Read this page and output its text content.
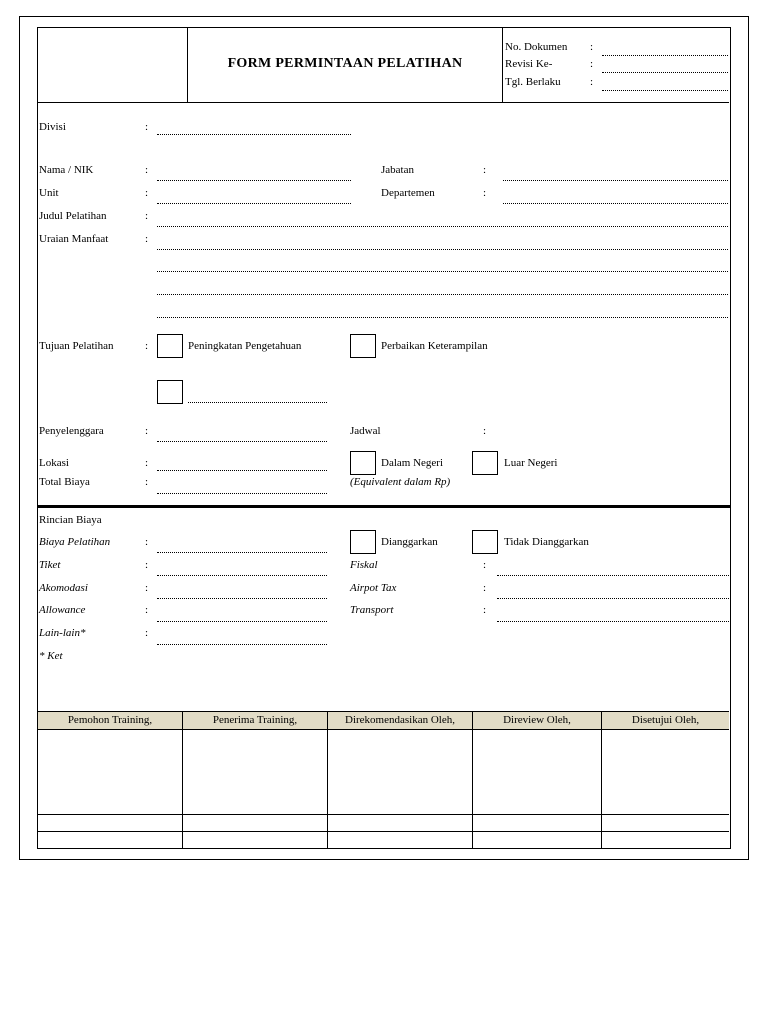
FORM PERMINTAAN PELATIHAN
No. Dokumen :
Revisi Ke-	:
Tgl. Berlaku	:
Divisi	:
Nama / NIK	:	Jabatan	:
Unit	:	Departemen	:
Judul Pelatihan	:
Uraian Manfaat	:
Tujuan Pelatihan	:	Peningkatan Pengetahuan	Perbaikan Keterampilan
Penyelenggara	:	Jadwal	:
Lokasi	:	Dalam Negeri	Luar Negeri
Total Biaya	:	(Equivalent dalam Rp)
Rincian Biaya
Biaya Pelatihan	:	Dianggarkan	Tidak Dianggarkan
Tiket	:	Fiskal	:
Akomodasi	:	Airpot Tax	:
Allowance	:	Transport	:
Lain-lain*	:
* Ket
Pemohon Training,	Penerima Training,	Direkomendasikan Oleh,	Direview Oleh,	Disetujui Oleh,
